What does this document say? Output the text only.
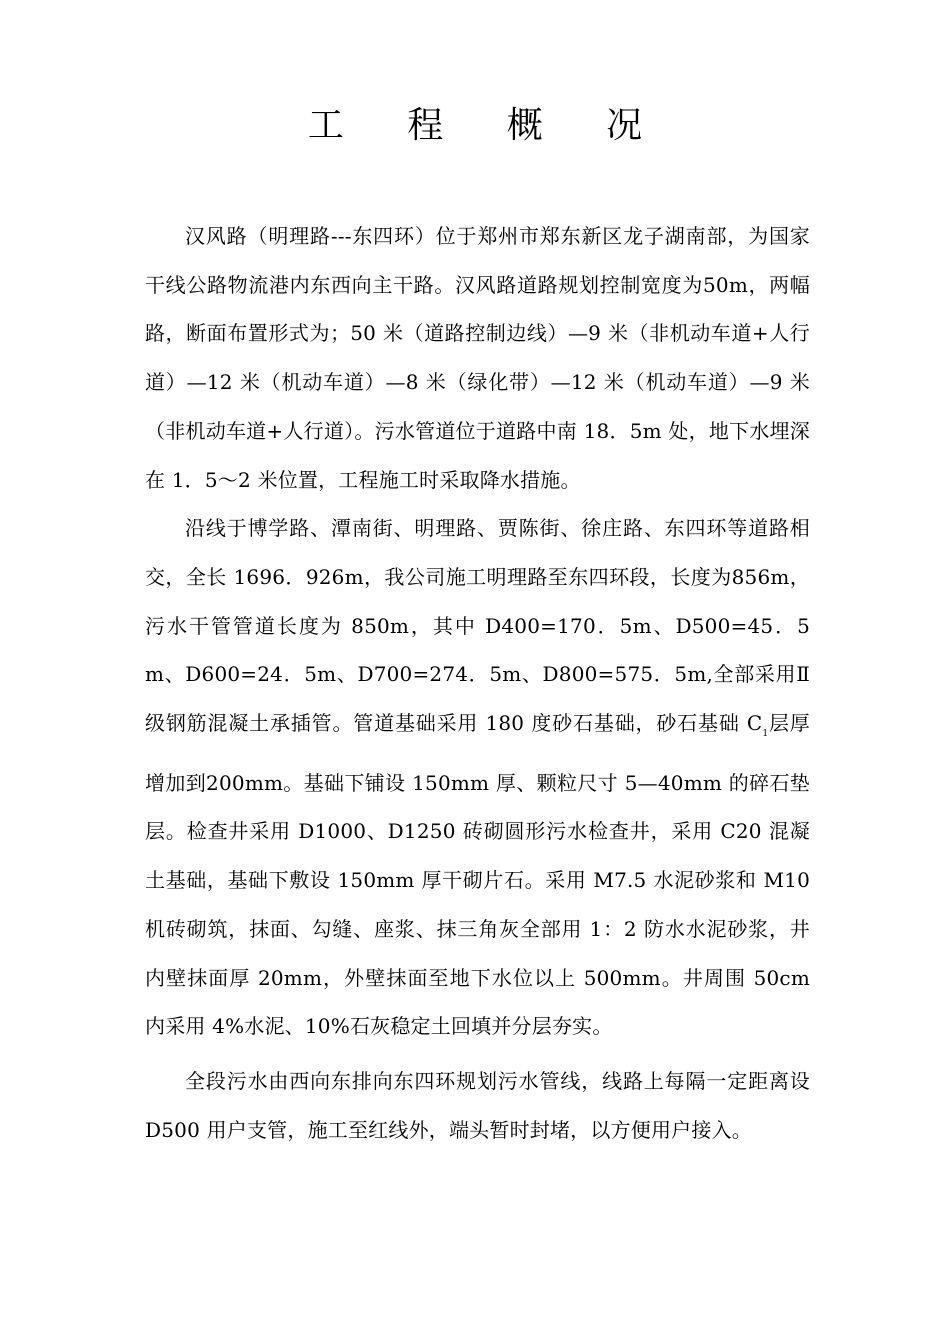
工 程 概 况

汉风路（明理路---东四环）位于郑州市郑东新区龙子湖南部，为国家干线公路物流港内东西向主干路。汉风路道路规划控制宽度为50m，两幅路，断面布置形式为；50 米（道路控制边线）—9 米（非机动车道+人行道）—12 米（机动车道）—8 米（绿化带）—12 米（机动车道）—9 米（非机动车道+人行道）。污水管道位于道路中南 18．5m 处，地下水埋深在 1．5～2 米位置，工程施工时采取降水措施。

沿线于博学路、潭南街、明理路、贾陈街、徐庄路、东四环等道路相交，全长 1696．926m，我公司施工明理路至东四环段，长度为856m，污水干管管道长度为 850m，其中 D400=170．5m、D500=45．5m、D600=24．5m、D700=274．5m、D800=575．5m,全部采用Ⅱ级钢筋混凝土承插管。管道基础采用 180 度砂石基础，砂石基础 $C_1$层厚增加到200mm。基础下铺设 150mm 厚、颗粒尺寸 5—40mm 的碎石垫层。检查井采用 D1000、D1250 砖砌圆形污水检查井，采用 C20 混凝土基础，基础下敷设 150mm 厚干砌片石。采用 M7.5 水泥砂浆和 M10 机砖砌筑，抹面、勾缝、座浆、抹三角灰全部用 1：2 防水水泥砂浆，井内壁抹面厚 20mm，外壁抹面至地下水位以上 500mm。井周围 50cm 内采用 4%水泥、10%石灰稳定土回填并分层夯实。

全段污水由西向东排向东四环规划污水管线，线路上每隔一定距离设 D500 用户支管，施工至红线外，端头暂时封堵，以方便用户接入。
